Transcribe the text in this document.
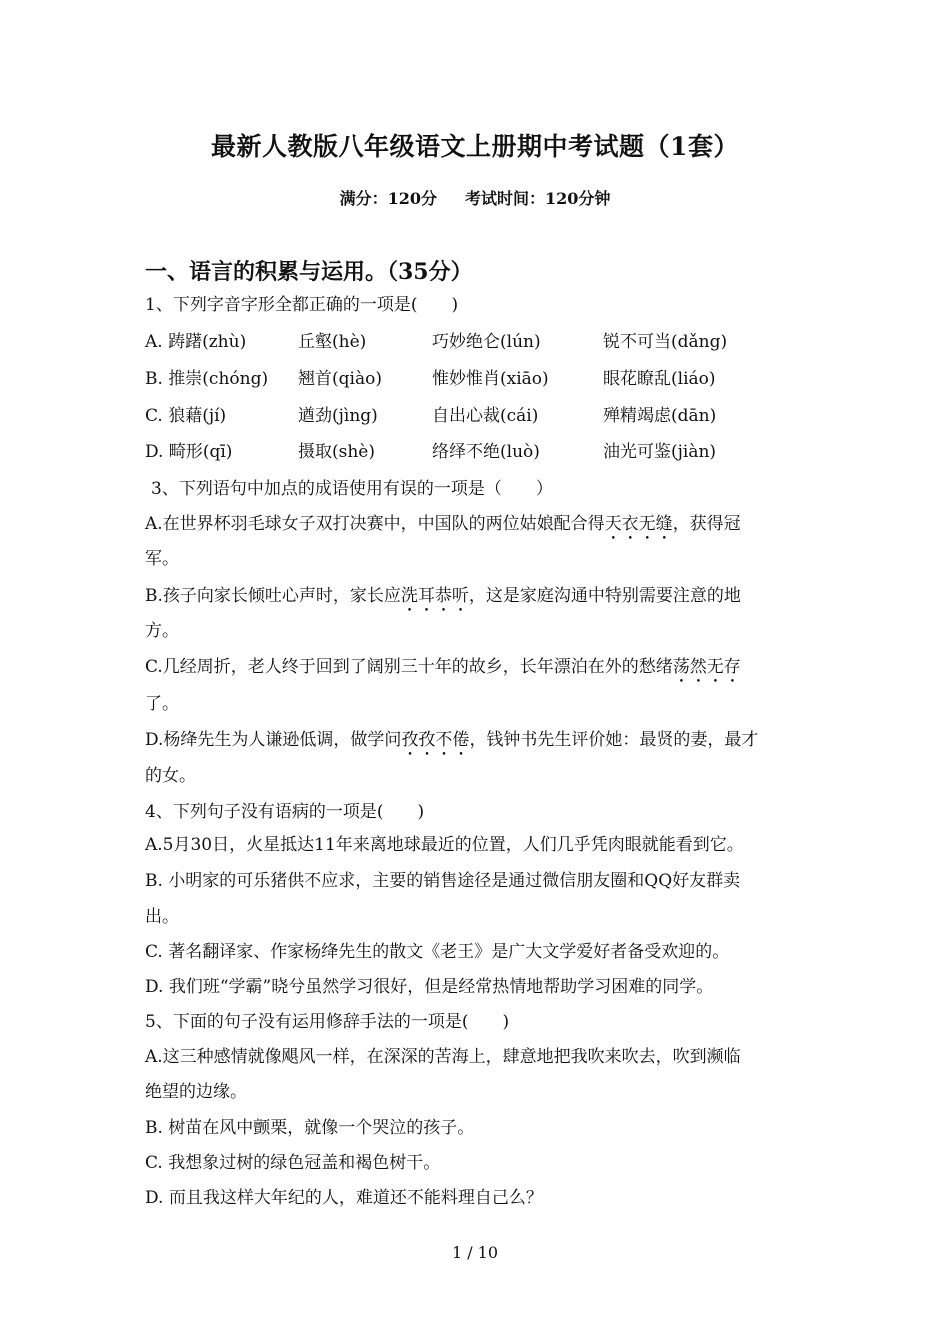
最新人教版八年级语文上册期中考试题（1套）
满分：120分 考试时间：120分钟
一、语言的积累与运用。（35分）
1、下列字音字形全都正确的一项是(　　)
A. 踌躇(zhù)	丘壑(hè)	巧妙绝仑(lún)	锐不可当(dǎng)
B. 推崇(chóng) 翘首(qiào)	惟妙惟肖(xiāo)	眼花瞭乱(liáo)
C. 狼藉(jí)	遒劲(jìng)	自出心裁(cái)	殚精竭虑(dān)
D. 畸形(qī)	摄取(shè)	络绎不绝(luò)	油光可鉴(jiàn)
3、下列语句中加点的成语使用有误的一项是（　　）
A.在世界杯羽毛球女子双打决赛中，中国队的两位姑娘配合得天衣无缝，获得冠
军。
B.孩子向家长倾吐心声时，家长应洗耳恭听，这是家庭沟通中特别需要注意的地
方。
C.几经周折，老人终于回到了阔别三十年的故乡，长年漂泊在外的愁绪荡然无存
了。
D.杨绛先生为人谦逊低调，做学问孜孜不倦，钱钟书先生评价她：最贤的妻，最才
的女。
4、下列句子没有语病的一项是(　　)
A.5月30日，火星抵达11年来离地球最近的位置，人们几乎凭肉眼就能看到它。
B. 小明家的可乐猪供不应求，主要的销售途径是通过微信朋友圈和QQ好友群卖
出。
C. 著名翻译家、作家杨绛先生的散文《老王》是广大文学爱好者备受欢迎的。
D. 我们班“学霸”晓兮虽然学习很好，但是经常热情地帮助学习困难的同学。
5、下面的句子没有运用修辞手法的一项是(　　)
A.这三种感情就像飓风一样，在深深的苦海上，肆意地把我吹来吹去，吹到濒临
绝望的边缘。
B. 树苗在风中颤栗，就像一个哭泣的孩子。
C. 我想象过树的绿色冠盖和褐色树干。
D. 而且我这样大年纪的人，难道还不能料理自己么？
1 / 10
